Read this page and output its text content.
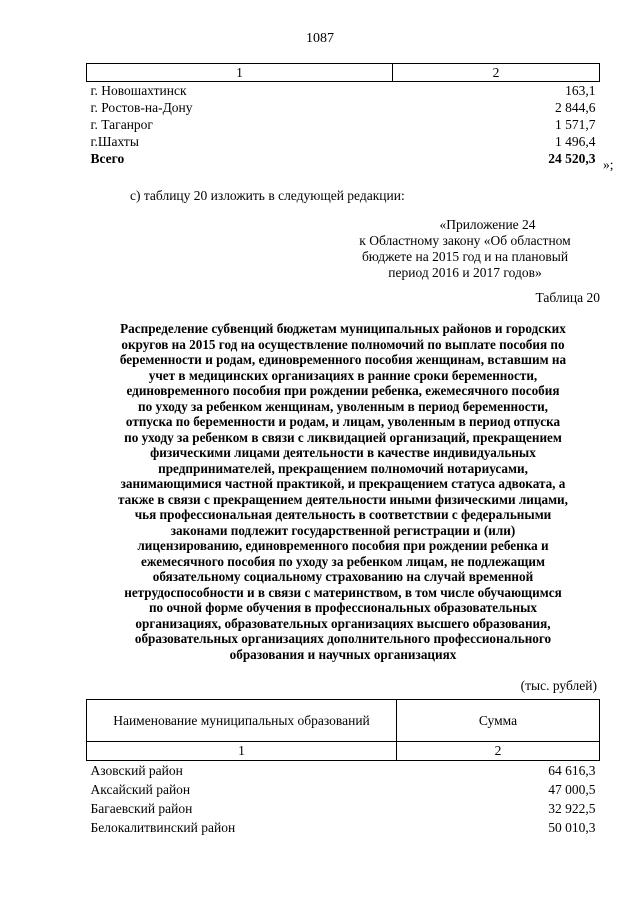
1087
1	2
г. Новошахтинск	163,1
г. Ростов-на-Дону	2 844,6
г. Таганрог	1 571,7
г.Шахты	1 496,4
Всего	24 520,3 »;
с) таблицу 20 изложить в следующей редакции:
«Приложение 24
к Областному закону «Об областном
бюджете на 2015 год и на плановый
период 2016 и 2017 годов»
Таблица 20
Распределение субвенций бюджетам муниципальных районов и городских
округов на 2015 год на осуществление полномочий по выплате пособия по
беременности и родам, единовременного пособия женщинам, вставшим на
учет в медицинских организациях в ранние сроки беременности,
единовременного пособия при рождении ребенка, ежемесячного пособия
по уходу за ребенком женщинам, уволенным в период беременности,
отпуска по беременности и родам, и лицам, уволенным в период отпуска
по уходу за ребенком в связи с ликвидацией организаций, прекращением
физическими лицами деятельности в качестве индивидуальных
предпринимателей, прекращением полномочий нотариусами,
занимающимися частной практикой, и прекращением статуса адвоката, а
также в связи с прекращением деятельности иными физическими лицами,
чья профессиональная деятельность в соответствии с федеральными
законами подлежит государственной регистрации и (или)
лицензированию, единовременного пособия при рождении ребенка и
ежемесячного пособия по уходу за ребенком лицам, не подлежащим
обязательному социальному страхованию на случай временной
нетрудоспособности и в связи с материнством, в том числе обучающимся
по очной форме обучения в профессиональных образовательных
организациях, образовательных организациях высшего образования,
образовательных организациях дополнительного профессионального
образования и научных организациях
(тыс. рублей)
Наименование муниципальных образований	Сумма
1	2
Азовский район	64 616,3
Аксайский район	47 000,5
Багаевский район	32 922,5
Белокалитвинский район	50 010,3
